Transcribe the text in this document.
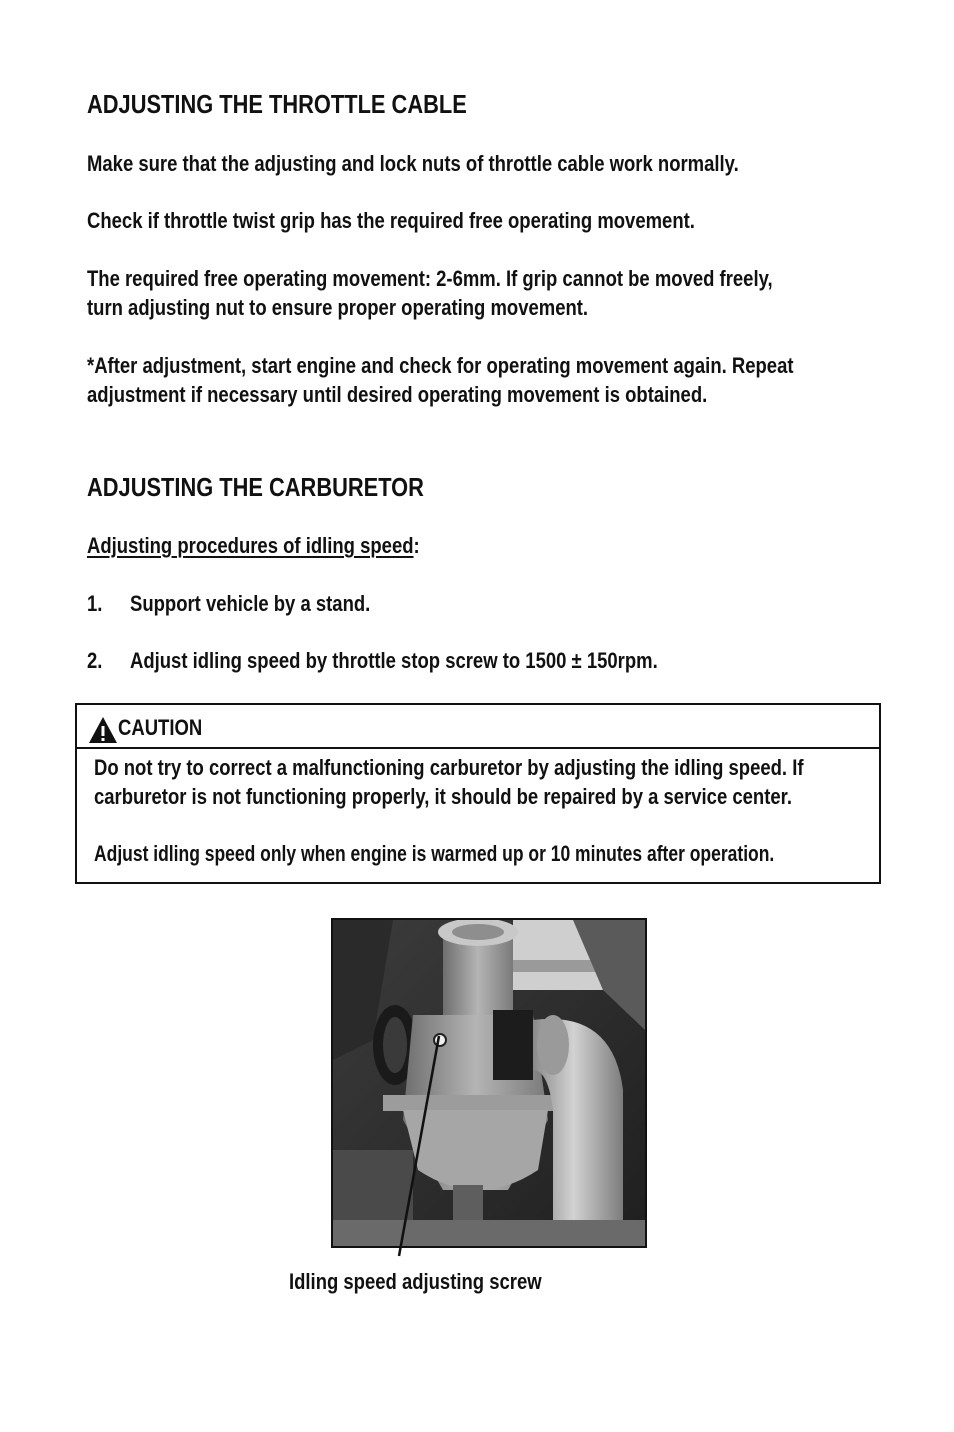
ADJUSTING THE THROTTLE CABLE

Make sure that the adjusting and lock nuts of throttle cable work normally.

Check if throttle twist grip has the required free operating movement.

The required free operating movement: 2-6mm. If grip cannot be moved freely,

turn adjusting nut to ensure proper operating movement.

*After adjustment, start engine and check for operating movement again. Repeat

adjustment if necessary until desired operating movement is obtained.

ADJUSTING THE CARBURETOR

Adjusting procedures of idling speed:

1. Support vehicle by a stand.
2. Adjust idling speed by throttle stop screw to 1500 ± 150rpm.
CAUTION

Do not try to correct a malfunctioning carburetor by adjusting the idling speed. If

carburetor is not functioning properly, it should be repaired by a service center.

Adjust idling speed only when engine is warmed up or 10 minutes after operation.

Idling speed adjusting screw
